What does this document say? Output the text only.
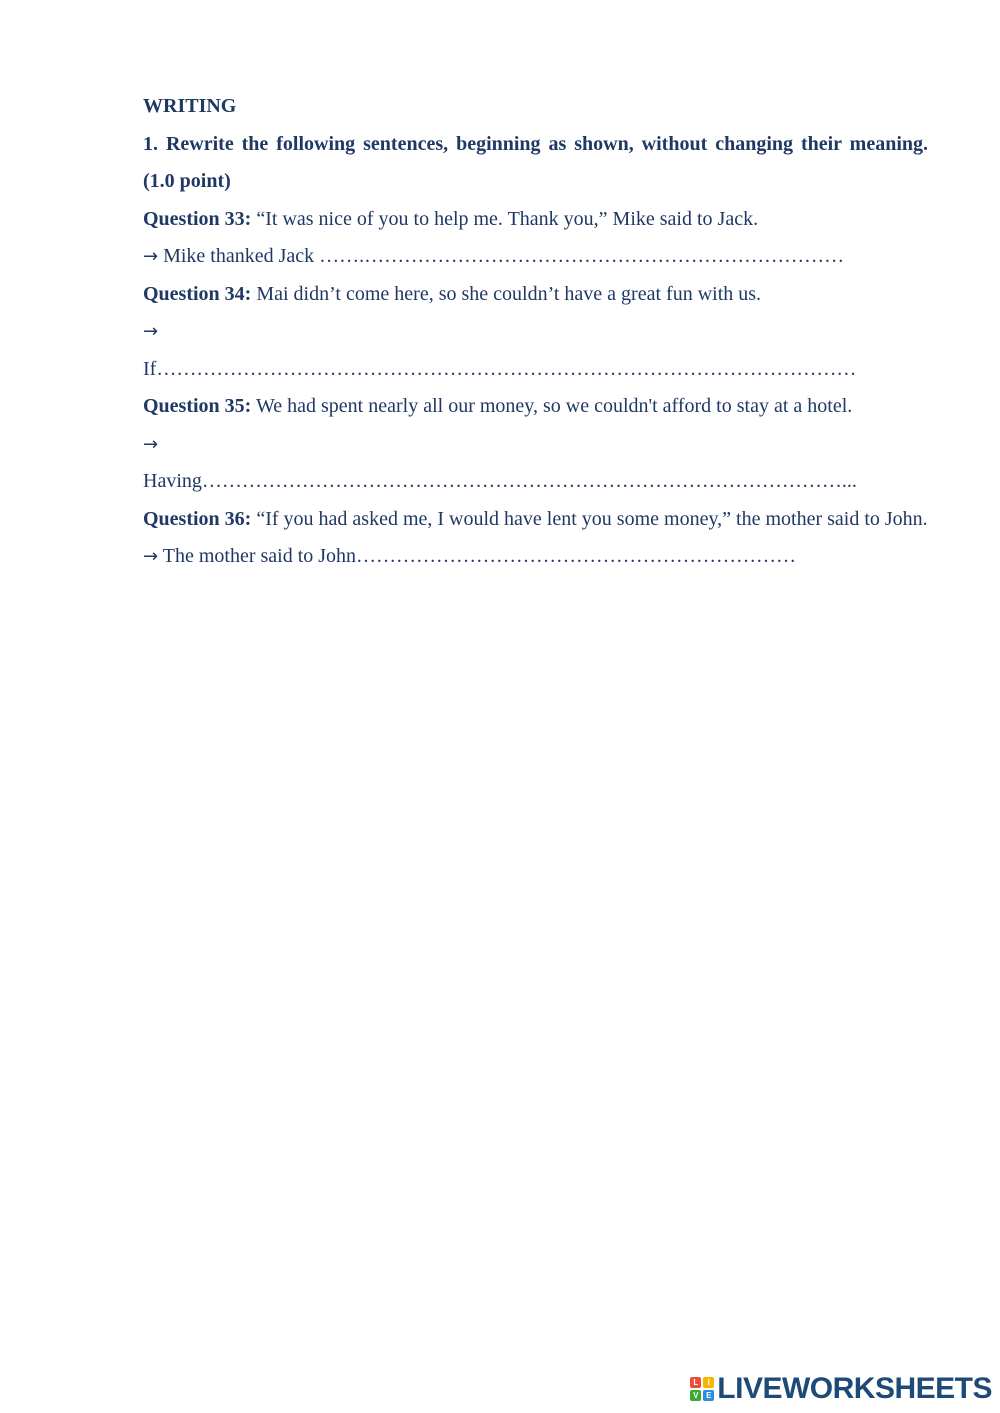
WRITING

1. Rewrite the following sentences, beginning as shown, without changing their meaning. (1.0 point)

Question 33: “It was nice of you to help me. Thank you,” Mike said to Jack.

→ Mike thanked Jack …….………………………………………………………………

Question 34: Mai didn’t come here, so she couldn’t have a great fun with us.

→

If……………………………………………………………………………………………

Question 35: We had spent nearly all our money, so we couldn't afford to stay at a hotel.

→

Having……………………………………………………………………………………...

Question 36: “If you had asked me, I would have lent you some money,” the mother said to John.

→ The mother said to John…………………………………………………………

L	I
V E LIVEWORKSHEETS
